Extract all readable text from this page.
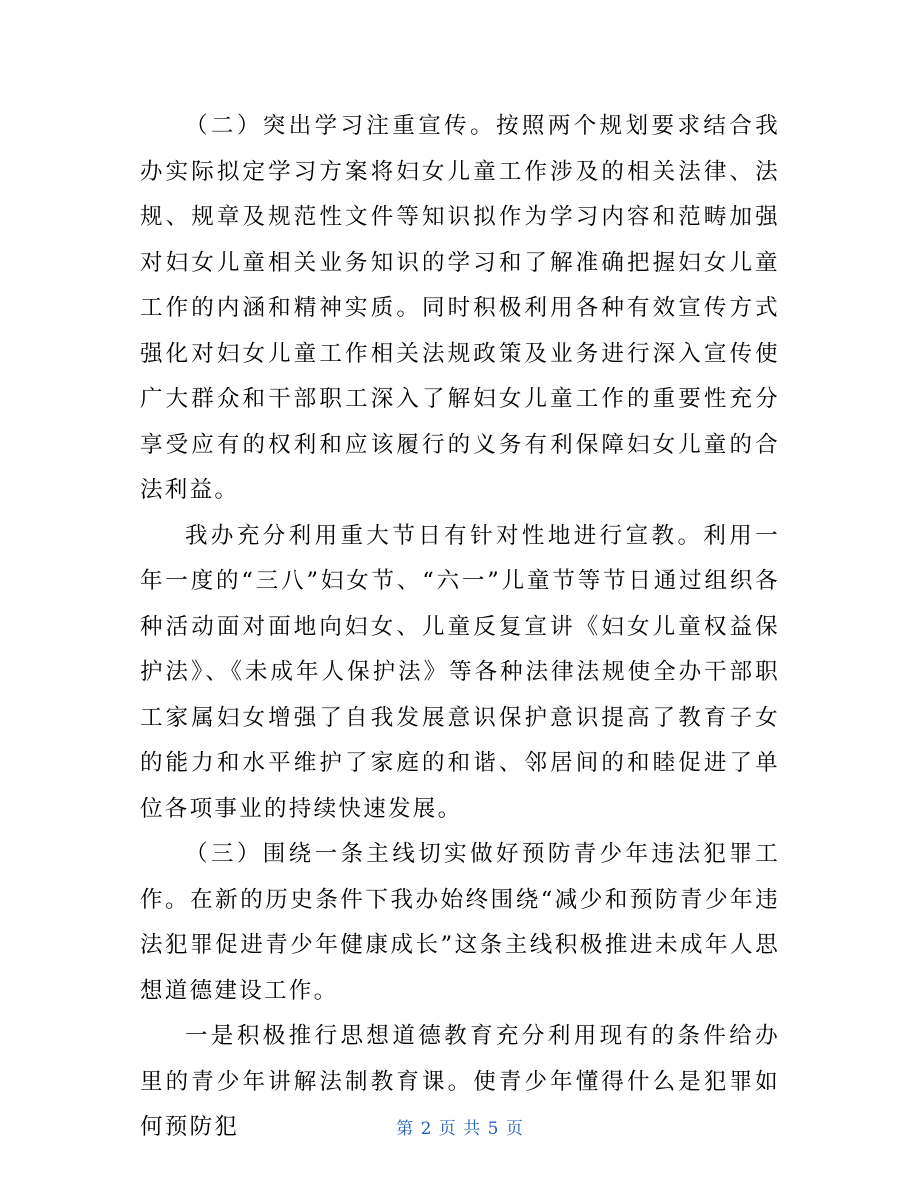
（二）突出学习注重宣传。按照两个规划要求结合我办实际拟定学习方案将妇女儿童工作涉及的相关法律、法规、规章及规范性文件等知识拟作为学习内容和范畴加强对妇女儿童相关业务知识的学习和了解准确把握妇女儿童工作的内涵和精神实质。同时积极利用各种有效宣传方式强化对妇女儿童工作相关法规政策及业务进行深入宣传使广大群众和干部职工深入了解妇女儿童工作的重要性充分享受应有的权利和应该履行的义务有利保障妇女儿童的合法利益。

我办充分利用重大节日有针对性地进行宣教。利用一年一度的“三八”妇女节、“六一”儿童节等节日通过组织各种活动面对面地向妇女、儿童反复宣讲《妇女儿童权益保护法》、《未成年人保护法》等各种法律法规使全办干部职工家属妇女增强了自我发展意识保护意识提高了教育子女的能力和水平维护了家庭的和谐、邻居间的和睦促进了单位各项事业的持续快速发展。

（三）围绕一条主线切实做好预防青少年违法犯罪工作。在新的历史条件下我办始终围绕“减少和预防青少年违法犯罪促进青少年健康成长”这条主线积极推进未成年人思想道德建设工作。

一是积极推行思想道德教育充分利用现有的条件给办里的青少年讲解法制教育课。使青少年懂得什么是犯罪如何预防犯	第 2 页 共 5 页
